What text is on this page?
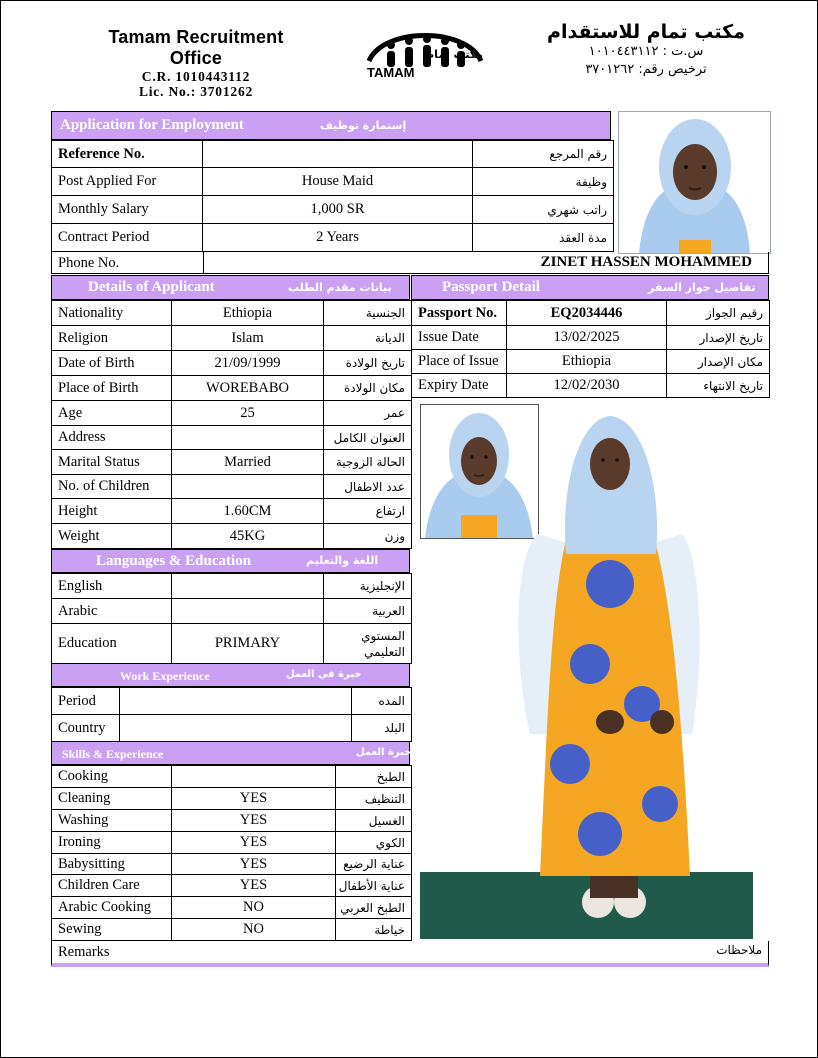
Tamam Recruitment Office
C.R. 1010443112
Lic. No.: 3701262
TAMAM
مكتب تمام
مكتب تمام للاستقدام
س.ت : ١٠١٠٤٤٣١١٢
ترخيص رقم: ٣٧٠١٢٦٢
Application for Employment	إستمارة توظيف
Reference No.		رقم المرجع
Post Applied For	House Maid	وظيفة
Monthly Salary	1,000 SR	راتب شهري
Contract Period	2 Years	مدة العقد
Phone No.	ZINET HASSEN MOHAMMED
Details of Applicant	بيانات مقدم الطلب
Nationality	Ethiopia	الجنسية
Religion	Islam	الديانة
Date of Birth	21/09/1999	تاريخ الولادة
Place of Birth	WOREBABO	مكان الولادة
Age	25	عمر
Address		العنوان الكامل
Marital Status	Married	الحالة الزوجية
No. of Children		عدد الاطفال
Height	1.60CM	ارتفاع
Weight	45KG	وزن
Passport Detail	تفاصيل جواز السفر
Passport No.	EQ2034446	رقيم الجواز
Issue Date	13/02/2025	تاريخ الإصدار
Place of Issue	Ethiopia	مكان الإصدار
Expiry Date	12/02/2030	تاريخ الانتهاء
Languages & Education	اللغة والتعليم
English		الإنجليزية
Arabic		العربية
Education	PRIMARY	المستوي التعليمي
Work Experience	خبرة في العمل
Period		المده
Country		البلد
Skills & Experience	خبرة العمل
Cooking		الطبخ
Cleaning	YES	التنظيف
Washing	YES	الغسيل
Ironing	YES	الكوي
Babysitting	YES	عناية الرضيع
Children Care	YES	عناية الأطفال
Arabic Cooking	NO	الطبخ العربي
Sewing	NO	خياطة
Remarks	ملاحظات
